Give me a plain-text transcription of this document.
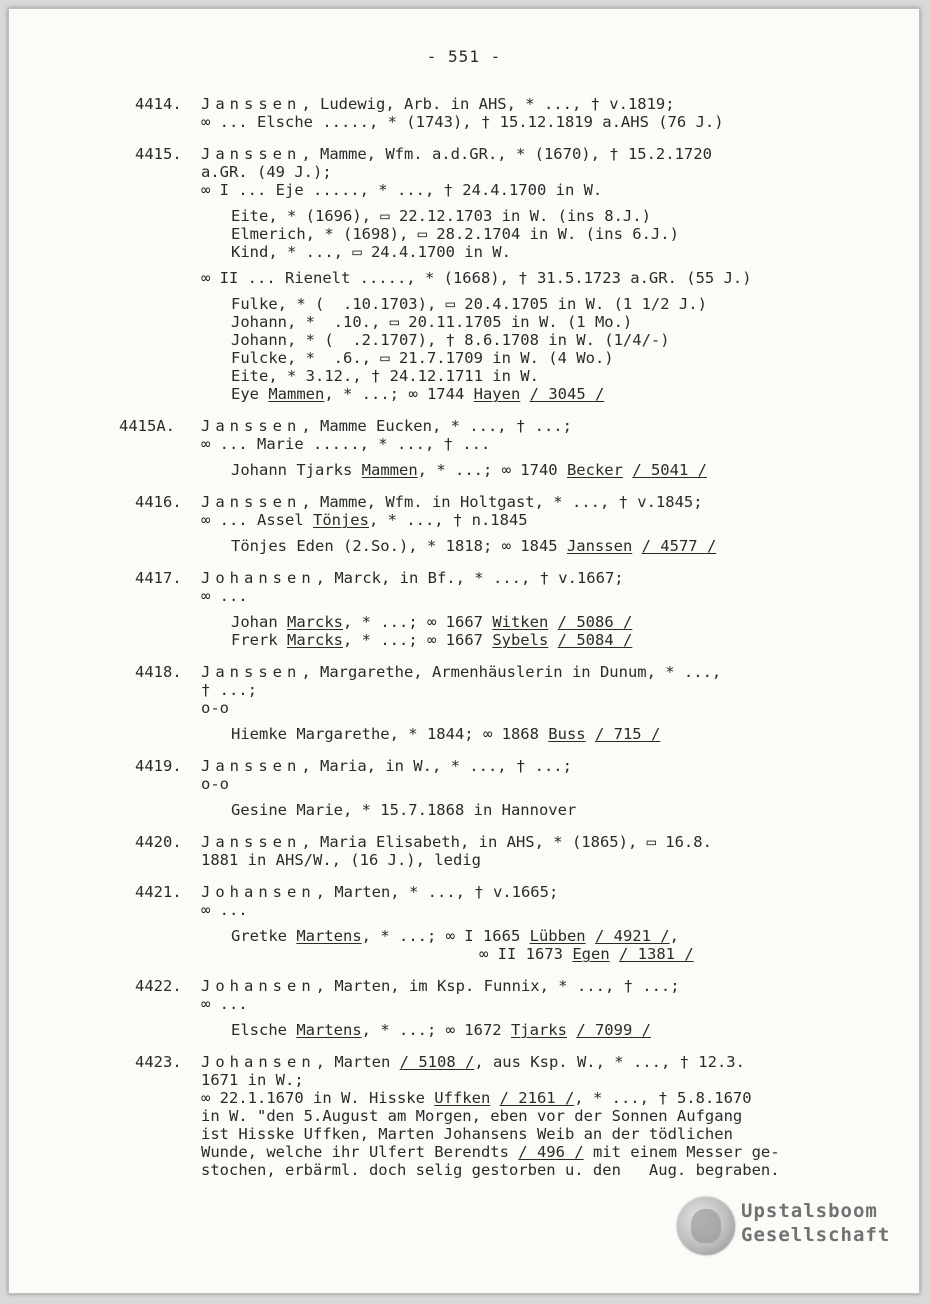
- 551 -
4414. Janssen, Ludewig, Arb. in AHS, * ..., † v.1819;
∞ ... Elsche ....., * (1743), † 15.12.1819 a.AHS (76 J.)
4415. Janssen, Mamme, Wfm. a.d.GR., * (1670), † 15.2.1720
a.GR. (49 J.);
∞ I ... Eje ....., * ..., † 24.4.1700 in W.
Eite, * (1696), ▭ 22.12.1703 in W. (ins 8.J.)
Elmerich, * (1698), ▭ 28.2.1704 in W. (ins 6.J.)
Kind, * ..., ▭ 24.4.1700 in W.
∞ II ... Rienelt ....., * (1668), † 31.5.1723 a.GR. (55 J.)
Fulke, * (  .10.1703), ▭ 20.4.1705 in W. (1 1/2 J.)
Johann, *  .10., ▭ 20.11.1705 in W. (1 Mo.)
Johann, * (  .2.1707), † 8.6.1708 in W. (1/4/-)
Fulcke, *  .6., ▭ 21.7.1709 in W. (4 Wo.)
Eite, * 3.12., † 24.12.1711 in W.
Eye Mammen, * ...; ∞ 1744 Hayen / 3045 /
4415A. Janssen, Mamme Eucken, * ..., † ...;
∞ ... Marie ....., * ..., † ...
Johann Tjarks Mammen, * ...; ∞ 1740 Becker / 5041 /
4416. Janssen, Mamme, Wfm. in Holtgast, * ..., † v.1845;
∞ ... Assel Tönjes, * ..., † n.1845
Tönjes Eden (2.So.), * 1818; ∞ 1845 Janssen / 4577 /
4417. Johansen, Marck, in Bf., * ..., † v.1667;
∞ ...
Johan Marcks, * ...; ∞ 1667 Witken / 5086 /
Frerk Marcks, * ...; ∞ 1667 Sybels / 5084 /
4418. Janssen, Margarethe, Armenhäuslerin in Dunum, * ...,
† ...;
o-o
Hiemke Margarethe, * 1844; ∞ 1868 Buss / 715 /
4419. Janssen, Maria, in W., * ..., † ...;
o-o
Gesine Marie, * 15.7.1868 in Hannover
4420. Janssen, Maria Elisabeth, in AHS, * (1865), ▭ 16.8.
1881 in AHS/W., (16 J.), ledig
4421. Johansen, Marten, * ..., † v.1665;
∞ ...
Gretke Martens, * ...; ∞ I 1665 Lübben / 4921 /,
∞ II 1673 Egen / 1381 /
4422. Johansen, Marten, im Ksp. Funnix, * ..., † ...;
∞ ...
Elsche Martens, * ...; ∞ 1672 Tjarks / 7099 /
4423. Johansen, Marten / 5108 /, aus Ksp. W., * ..., † 12.3.
1671 in W.;
∞ 22.1.1670 in W. Hisske Uffken / 2161 /, * ..., † 5.8.1670
in W. "den 5.August am Morgen, eben vor der Sonnen Aufgang
ist Hisske Uffken, Marten Johansens Weib an der tödlichen
Wunde, welche ihr Ulfert Berendts / 496 / mit einem Messer ge-
stochen, erbärml. doch selig gestorben u. den   Aug. begraben.
Upstalsboom
Gesellschaft
